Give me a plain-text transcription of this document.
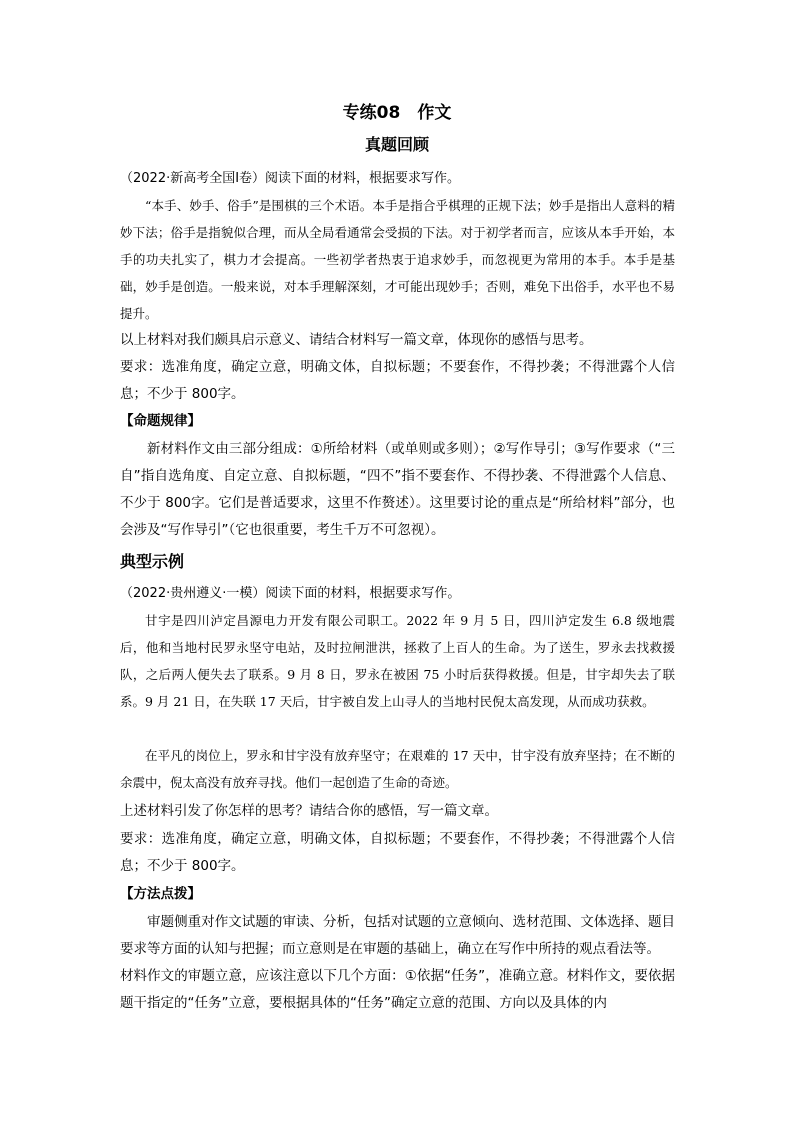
专练08　作文
真题回顾
（2022·新高考全国Ⅰ卷）阅读下面的材料，根据要求写作。

“本手、妙手、俗手”是围棋的三个术语。本手是指合乎棋理的正规下法；妙手是指出人意料的精妙下法；俗手是指貌似合理，而从全局看通常会受损的下法。对于初学者而言，应该从本手开始，本手的功夫扎实了，棋力才会提高。一些初学者热衷于追求妙手，而忽视更为常用的本手。本手是基础，妙手是创造。一般来说，对本手理解深刻，才可能出现妙手；否则，难免下出俗手，水平也不易提升。

以上材料对我们颇具启示意义、请结合材料写一篇文章，体现你的感悟与思考。

要求：选准角度，确定立意，明确文体，自拟标题；不要套作，不得抄袭；不得泄露个人信息；不少于 800字。

【命题规律】

新材料作文由三部分组成：①所给材料（或单则或多则）；②写作导引；③写作要求（“三自”指自选角度、自定立意、自拟标题，“四不”指不要套作、不得抄袭、不得泄露个人信息、不少于 800字。它们是普适要求，这里不作赘述）。这里要讨论的重点是“所给材料”部分，也会涉及“写作导引”（它也很重要，考生千万不可忽视）。

典型示例
（2022·贵州遵义·一模）阅读下面的材料，根据要求写作。

甘宇是四川泸定昌源电力开发有限公司职工。2022 年 9 月 5 日，四川泸定发生 6.8 级地震后，他和当地村民罗永坚守电站，及时拉闸泄洪，拯救了上百人的生命。为了送生，罗永去找救援队，之后两人便失去了联系。9 月 8 日，罗永在被困 75 小时后获得救援。但是，甘宇却失去了联系。9 月 21 日，在失联 17 天后，甘宇被自发上山寻人的当地村民倪太高发现，从而成功获救。

在平凡的岗位上，罗永和甘宇没有放弃坚守；在艰难的 17 天中，甘宇没有放弃坚持；在不断的余震中，倪太高没有放弃寻找。他们一起创造了生命的奇迹。

上述材料引发了你怎样的思考？请结合你的感悟，写一篇文章。

要求：选准角度，确定立意，明确文体，自拟标题；不要套作，不得抄袭；不得泄露个人信息；不少于 800字。

【方法点拨】

审题侧重对作文试题的审读、分析，包括对试题的立意倾向、选材范围、文体选择、题目要求等方面的认知与把握；而立意则是在审题的基础上，确立在写作中所持的观点看法等。

材料作文的审题立意，应该注意以下几个方面：①依据“任务”，准确立意。材料作文，要依据题干指定的“任务”立意，要根据具体的“任务”确定立意的范围、方向以及具体的内
